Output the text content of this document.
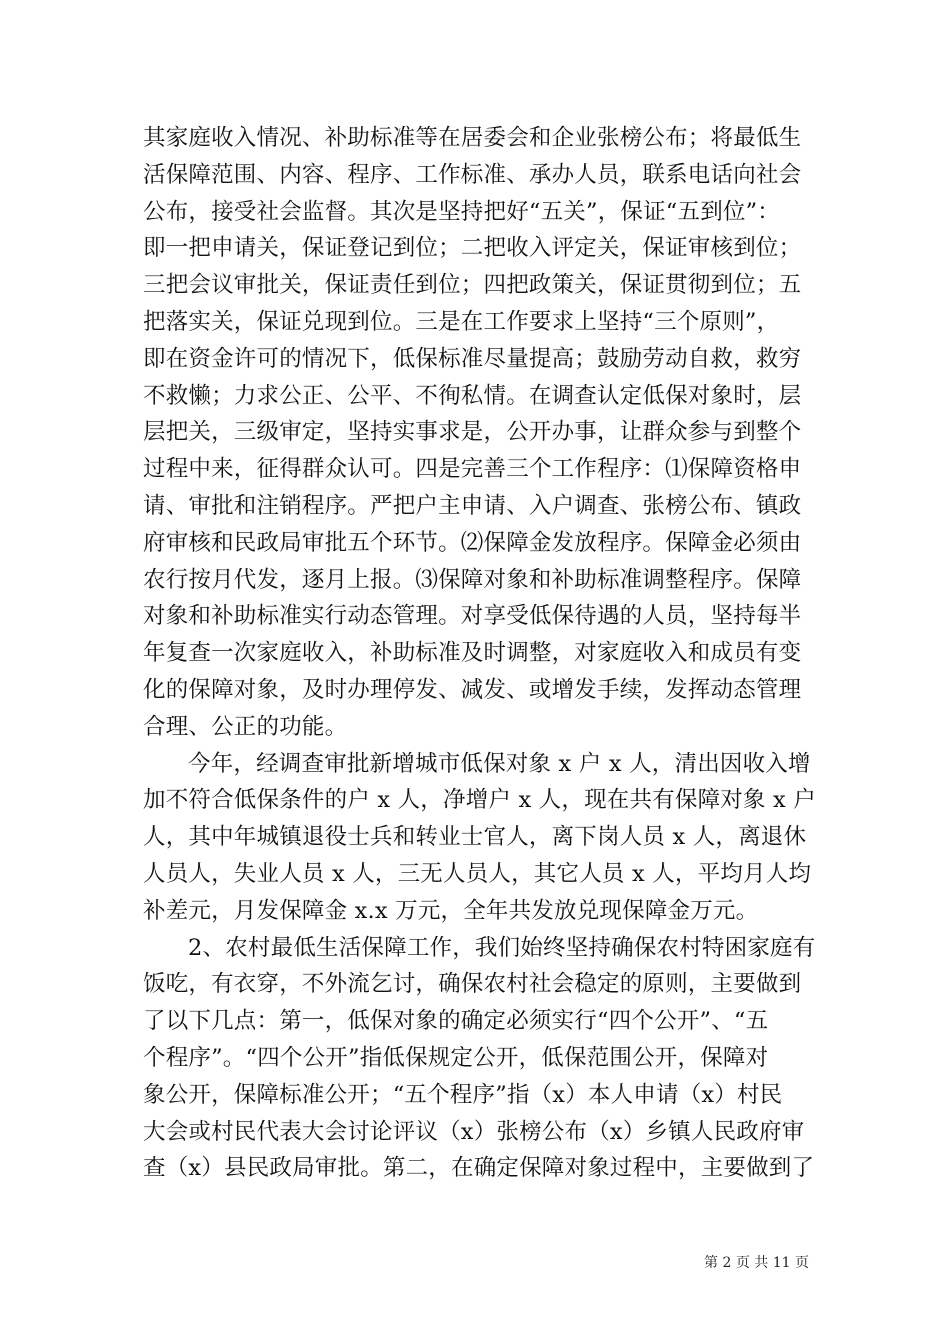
其家庭收入情况、补助标准等在居委会和企业张榜公布；将最低生
活保障范围、内容、程序、工作标准、承办人员，联系电话向社会
公布，接受社会监督。其次是坚持把好“五关”，保证“五到位”：
即一把申请关，保证登记到位；二把收入评定关，保证审核到位；
三把会议审批关，保证责任到位；四把政策关，保证贯彻到位；五
把落实关，保证兑现到位。三是在工作要求上坚持“三个原则”，
即在资金许可的情况下，低保标准尽量提高；鼓励劳动自救，救穷
不救懒；力求公正、公平、不徇私情。在调查认定低保对象时，层
层把关，三级审定，坚持实事求是，公开办事，让群众参与到整个
过程中来，征得群众认可。四是完善三个工作程序：⑴保障资格申
请、审批和注销程序。严把户主申请、入户调查、张榜公布、镇政
府审核和民政局审批五个环节。⑵保障金发放程序。保障金必须由
农行按月代发，逐月上报。⑶保障对象和补助标准调整程序。保障
对象和补助标准实行动态管理。对享受低保待遇的人员，坚持每半
年复查一次家庭收入，补助标准及时调整，对家庭收入和成员有变
化的保障对象，及时办理停发、减发、或增发手续，发挥动态管理
合理、公正的功能。
今年，经调查审批新增城市低保对象 x 户 x 人，清出因收入增
加不符合低保条件的户 x 人，净增户 x 人，现在共有保障对象 x 户
人，其中年城镇退役士兵和转业士官人，离下岗人员 x 人，离退休
人员人，失业人员 x 人，三无人员人，其它人员 x 人，平均月人均
补差元，月发保障金 x.x 万元，全年共发放兑现保障金万元。
2、农村最低生活保障工作，我们始终坚持确保农村特困家庭有
饭吃，有衣穿，不外流乞讨，确保农村社会稳定的原则，主要做到
了以下几点：第一，低保对象的确定必须实行“四个公开”、“五
个程序”。“四个公开”指低保规定公开，低保范围公开，保障对
象公开，保障标准公开；“五个程序”指（x）本人申请（x）村民
大会或村民代表大会讨论评议（x）张榜公布（x）乡镇人民政府审
查（x）县民政局审批。第二，在确定保障对象过程中，主要做到了
第 2 页 共 11 页
